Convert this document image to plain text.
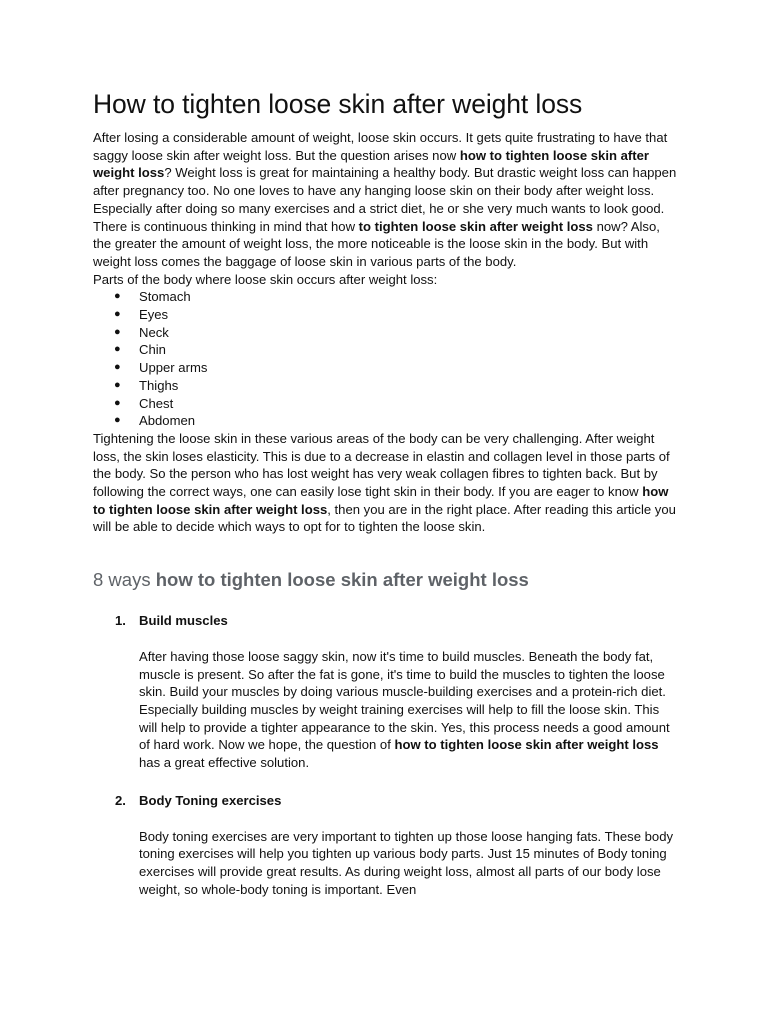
How to tighten loose skin after weight loss

After losing a considerable amount of weight, loose skin occurs. It gets quite frustrating to have that saggy loose skin after weight loss. But the question arises now how to tighten loose skin after weight loss? Weight loss is great for maintaining a healthy body. But drastic weight loss can happen after pregnancy too. No one loves to have any hanging loose skin on their body after weight loss. Especially after doing so many exercises and a strict diet, he or she very much wants to look good. There is continuous thinking in mind that how to tighten loose skin after weight loss now? Also, the greater the amount of weight loss, the more noticeable is the loose skin in the body. But with weight loss comes the baggage of loose skin in various parts of the body.

Parts of the body where loose skin occurs after weight loss:

● Stomach
● Eyes
● Neck
● Chin
● Upper arms
● Thighs
● Chest
● Abdomen

Tightening the loose skin in these various areas of the body can be very challenging. After weight loss, the skin loses elasticity. This is due to a decrease in elastin and collagen level in those parts of the body. So the person who has lost weight has very weak collagen fibres to tighten back. But by following the correct ways, one can easily lose tight skin in their body. If you are eager to know how to tighten loose skin after weight loss, then you are in the right place. After reading this article you will be able to decide which ways to opt for to tighten the loose skin.

8 ways how to tighten loose skin after weight loss
1. Build muscles

After having those loose saggy skin, now it's time to build muscles. Beneath the body fat, muscle is present. So after the fat is gone, it's time to build the muscles to tighten the loose skin. Build your muscles by doing various muscle-building exercises and a protein-rich diet. Especially building muscles by weight training exercises will help to fill the loose skin. This will help to provide a tighter appearance to the skin. Yes, this process needs a good amount of hard work. Now we hope, the question of how to tighten loose skin after weight loss has a great effective solution.

2. Body Toning exercises

Body toning exercises are very important to tighten up those loose hanging fats. These body toning exercises will help you tighten up various body parts. Just 15 minutes of Body toning exercises will provide great results. As during weight loss, almost all parts of our body lose weight, so whole-body toning is important. Even
